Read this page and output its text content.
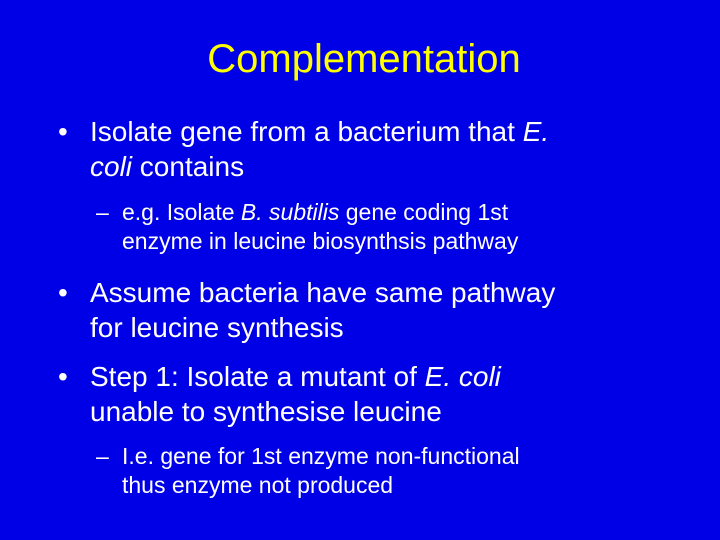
Complementation
• Isolate gene from a bacterium that E.
coli contains
– e.g. Isolate B. subtilis gene coding 1st
enzyme in leucine biosynthsis pathway
• Assume bacteria have same pathway
for leucine synthesis
• Step 1: Isolate a mutant of E. coli
unable to synthesise leucine
– I.e. gene for 1st enzyme non-functional
thus enzyme not produced
